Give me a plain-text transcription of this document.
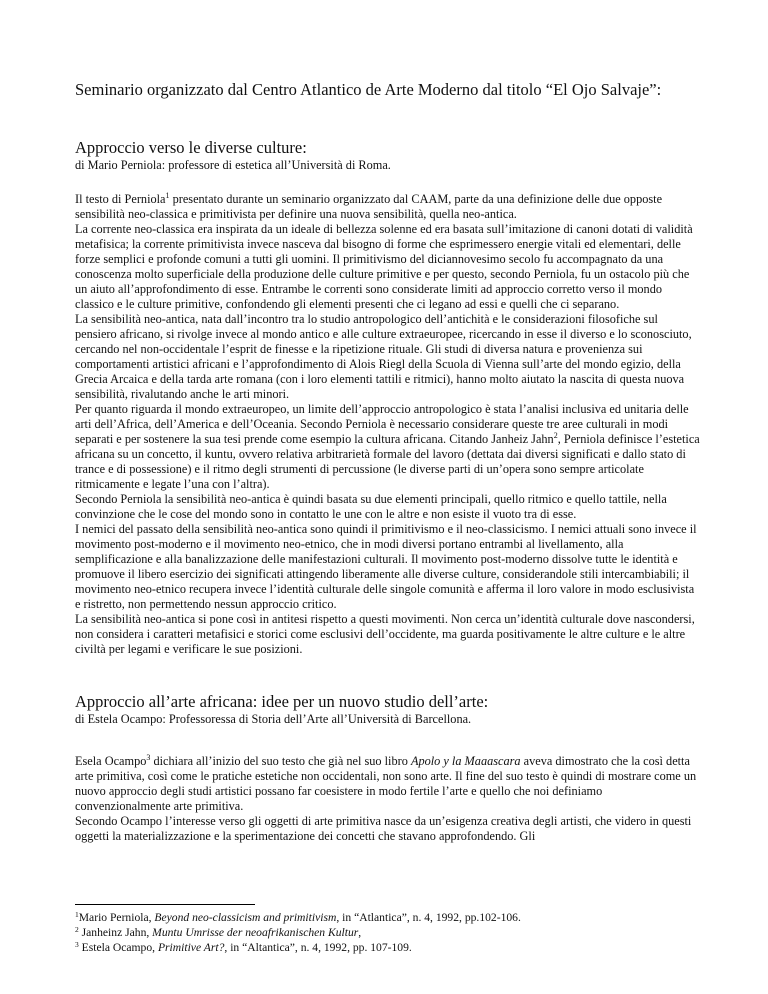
Seminario organizzato dal Centro Atlantico de Arte Moderno dal titolo “El Ojo Salvaje”:
Approccio verso le diverse culture:
di Mario Perniola: professore di estetica all’Università di Roma.

Il testo di Perniola$^1$ presentato durante un seminario organizzato dal CAAM, parte da una definizione delle due opposte sensibilità neo-classica e primitivista per definire una nuova sensibilità, quella neo-antica.

La corrente neo-classica era inspirata da un ideale di bellezza solenne ed era basata sull’imitazione di canoni dotati di validità metafisica; la corrente primitivista invece nasceva dal bisogno di forme che esprimessero energie vitali ed elementari, delle forze semplici e profonde comuni a tutti gli uomini. Il primitivismo del diciannovesimo secolo fu accompagnato da una conoscenza molto superficiale della produzione delle culture primitive e per questo, secondo Perniola, fu un ostacolo più che un aiuto all’approfondimento di esse. Entrambe le correnti sono considerate limiti ad approccio corretto verso il mondo classico e le culture primitive, confondendo gli elementi presenti che ci legano ad essi e quelli che ci separano.

La sensibilità neo-antica, nata dall’incontro tra lo studio antropologico dell’antichità e le considerazioni filosofiche sul pensiero africano, si rivolge invece al mondo antico e alle culture extraeuropee, ricercando in esse il diverso e lo sconosciuto, cercando nel non-occidentale l’esprit de finesse e la ripetizione rituale. Gli studi di diversa natura e provenienza sui comportamenti artistici africani e l’approfondimento di Alois Riegl della Scuola di Vienna sull’arte del mondo egizio, della Grecia Arcaica e della tarda arte romana (con i loro elementi tattili e ritmici), hanno molto aiutato la nascita di questa nuova sensibilità, rivalutando anche le arti minori.

Per quanto riguarda il mondo extraeuropeo, un limite dell’approccio antropologico è stata l’analisi inclusiva ed unitaria delle arti dell’Africa, dell’America e dell’Oceania. Secondo Perniola è necessario considerare queste tre aree culturali in modi separati e per sostenere la sua tesi prende come esempio la cultura africana. Citando Janheiz Jahn$^2$, Perniola definisce l’estetica africana su un concetto, il kuntu, ovvero relativa arbitrarietà formale del lavoro (dettata dai diversi significati e dallo stato di trance e di possessione) e il ritmo degli strumenti di percussione (le diverse parti di un’opera sono sempre articolate ritmicamente e legate l’una con l’altra).

Secondo Perniola la sensibilità neo-antica è quindi basata su due elementi principali, quello ritmico e quello tattile, nella convinzione che le cose del mondo sono in contatto le une con le altre e non esiste il vuoto tra di esse.

I nemici del passato della sensibilità neo-antica sono quindi il primitivismo e il neo-classicismo. I nemici attuali sono invece il movimento post-moderno e il movimento neo-etnico, che in modi diversi portano entrambi al livellamento, alla semplificazione e alla banalizzazione delle manifestazioni culturali. Il movimento post-moderno dissolve tutte le identità e promuove il libero esercizio dei significati attingendo liberamente alle diverse culture, considerandole stili intercambiabili; il movimento neo-etnico recupera invece l’identità culturale delle singole comunità e afferma il loro valore in modo esclusivista e ristretto, non permettendo nessun approccio critico.

La sensibilità neo-antica si pone così in antitesi rispetto a questi movimenti. Non cerca un’identità culturale dove nascondersi, non considera i caratteri metafisici e storici come esclusivi dell’occidente, ma guarda positivamente le altre culture e le altre civiltà per legami e verificare le sue posizioni.

Approccio all’arte africana: idee per un nuovo studio dell’arte:
di Estela Ocampo: Professoressa di Storia dell’Arte all’Università di Barcellona.

Esela Ocampo$^3$ dichiara all’inizio del suo testo che già nel suo libro Apolo y la Maaascara aveva dimostrato che la così detta arte primitiva, così come le pratiche estetiche non occidentali, non sono arte. Il fine del suo testo è quindi di mostrare come un nuovo approccio degli studi artistici possano far coesistere in modo fertile l’arte e quello che noi definiamo convenzionalmente arte primitiva.

Secondo Ocampo l’interesse verso gli oggetti di arte primitiva nasce da un’esigenza creativa degli artisti, che videro in questi oggetti la materializzazione e la sperimentazione dei concetti che stavano approfondendo. Gli

$^1$Mario Perniola, Beyond neo-classicism and primitivism, in “Atlantica”, n. 4, 1992, pp.102-106.
$^2$ Janheinz Jahn, Muntu Umrisse der neoafrikanischen Kultur,
$^3$ Estela Ocampo, Primitive Art?, in “Altantica”, n. 4, 1992, pp. 107-109.
